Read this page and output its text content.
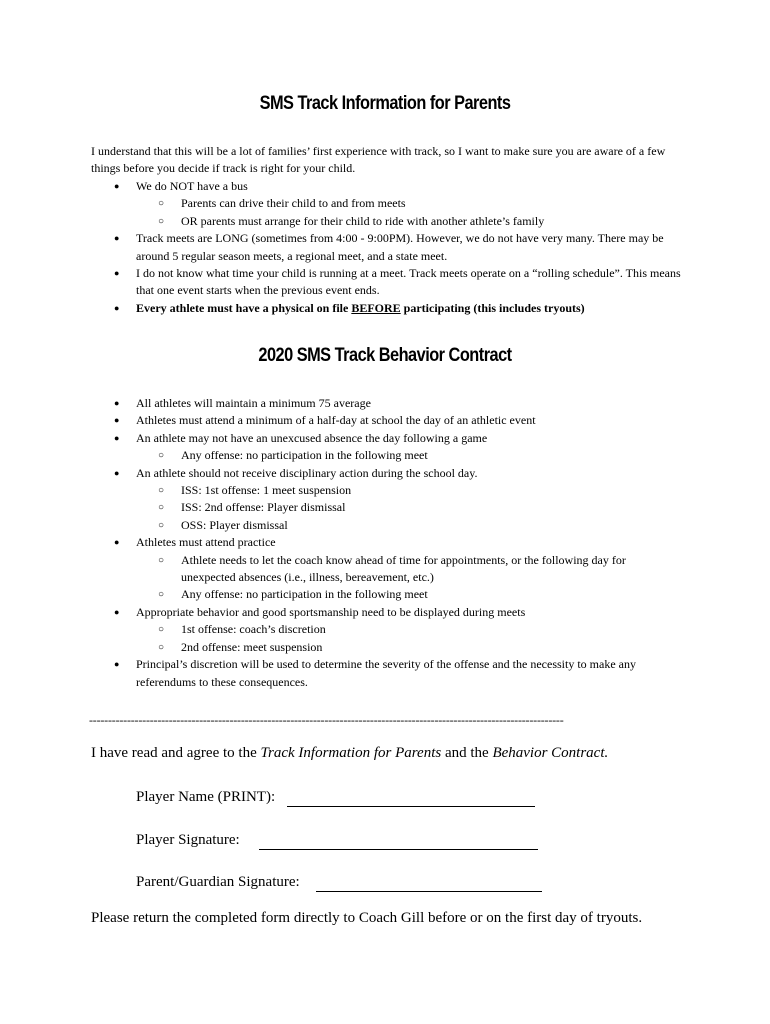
SMS Track Information for Parents
I understand that this will be a lot of families’ first experience with track, so I want to make sure you are aware of a few things before you decide if track is right for your child.
● We do NOT have a bus
○ Parents can drive their child to and from meets
○ OR parents must arrange for their child to ride with another athlete’s family
● Track meets are LONG (sometimes from 4:00 - 9:00PM). However, we do not have very many. There may be around 5 regular season meets, a regional meet, and a state meet.
● I do not know what time your child is running at a meet. Track meets operate on a “rolling schedule”. This means that one event starts when the previous event ends.
● Every athlete must have a physical on file BEFORE participating (this includes tryouts)
2020 SMS Track Behavior Contract
● All athletes will maintain a minimum 75 average
● Athletes must attend a minimum of a half-day at school the day of an athletic event
● An athlete may not have an unexcused absence the day following a game
○ Any offense: no participation in the following meet
● An athlete should not receive disciplinary action during the school day.
○ ISS: 1st offense: 1 meet suspension
○ ISS: 2nd offense: Player dismissal
○ OSS: Player dismissal
● Athletes must attend practice
○ Athlete needs to let the coach know ahead of time for appointments, or the following day for unexpected absences (i.e., illness, bereavement, etc.)
○ Any offense: no participation in the following meet
● Appropriate behavior and good sportsmanship need to be displayed during meets
○ 1st offense: coach’s discretion
○ 2nd offense: meet suspension
● Principal’s discretion will be used to determine the severity of the offense and the necessity to make any referendums to these consequences.
-----------------------------------------------------------------------------------------------------------------------------
I have read and agree to the Track Information for Parents and the Behavior Contract.
Player Name (PRINT):
Player Signature:
Parent/Guardian Signature:
Please return the completed form directly to Coach Gill before or on the first day of tryouts.
